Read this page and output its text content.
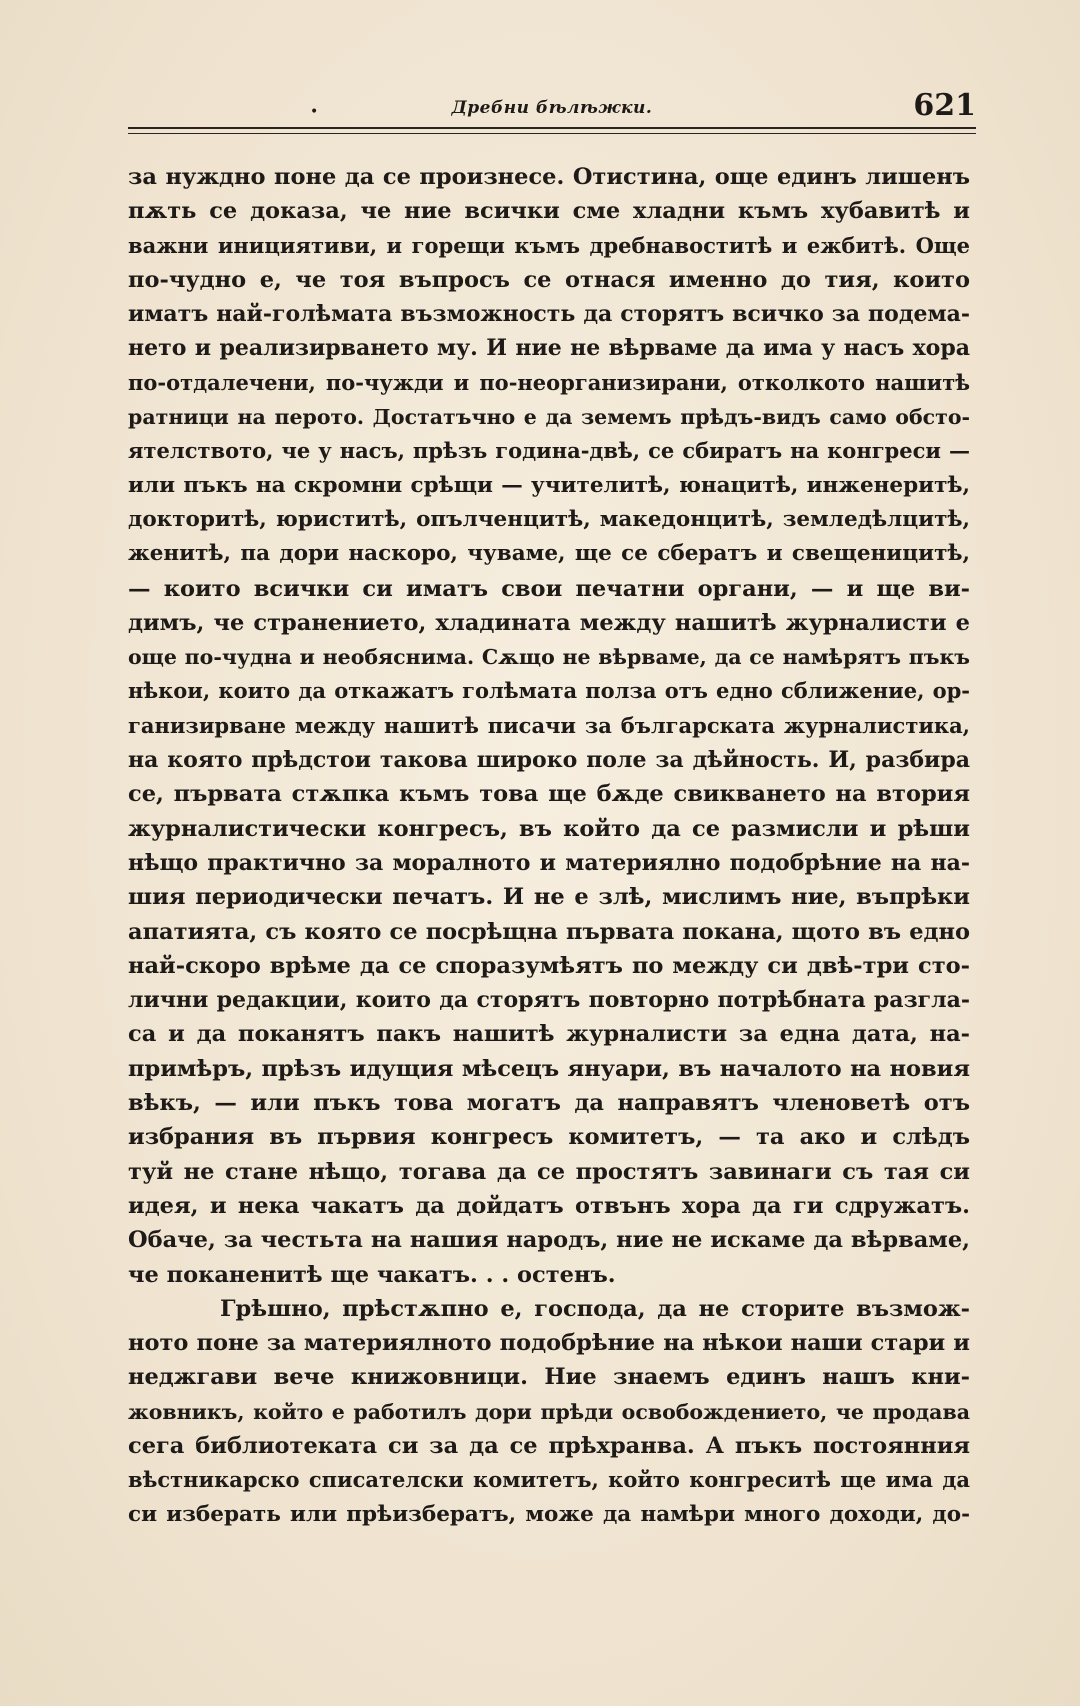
•	Дребни бѣлѣжки.	621
за нуждно поне да се произнесе. Отистина, още единъ лишенъ
пѫть се доказа, че ние всички сме хладни къмъ хубавитѣ и
важни инициятиви, и горещи къмъ дребнавоститѣ и ежбитѣ. Още
по-чудно е, че тоя въпросъ се отнася именно до тия, които
иматъ най-голѣмата възможность да сторятъ всичко за подема-
нето и реализирването му. И ние не вѣрваме да има у насъ хора
по-отдалечени, по-чужди и по-неорганизирани, отколкото нашитѣ
ратници на перото. Достатъчно е да земемъ прѣдъ-видъ само обсто-
ятелството, че у насъ, прѣзъ година-двѣ, се сбиратъ на конгреси —
или пъкъ на скромни срѣщи — учителитѣ, юнацитѣ, инженеритѣ,
докторитѣ, юриститѣ, опълченцитѣ, македонцитѣ, земледѣлцитѣ,
женитѣ, па дори наскоро, чуваме, ще се сбератъ и свещеницитѣ,
— които всички си иматъ свои печатни органи, — и ще ви-
димъ, че странението, хладината между нашитѣ журналисти е
още по-чудна и необяснима. Сѫщо не вѣрваме, да се намѣрятъ пъкъ
нѣкои, които да откажатъ голѣмата полза отъ едно сближение, ор-
ганизирване между нашитѣ писачи за българската журналистика,
на която прѣдстои такова широко поле за дѣйность. И, разбира
се, първата стѫпка къмъ това ще бѫде свикването на втория
журналистически конгресъ, въ който да се размисли и рѣши
нѣщо практично за моралното и материялно подобрѣние на на-
шия периодически печатъ. И не е злѣ, мислимъ ние, въпрѣки
апатията, съ която се посрѣщна първата покана, щото въ едно
най-скоро врѣме да се споразумѣятъ по между си двѣ-три сто-
лични редакции, които да сторятъ повторно потрѣбната разгла-
са и да поканятъ пакъ нашитѣ журналисти за една дата, на-
примѣръ, прѣзъ идущия мѣсецъ януари, въ началото на новия
вѣкъ, — или пъкъ това могатъ да направятъ членоветѣ отъ
избрания въ първия конгресъ комитетъ, — та ако и слѣдъ
туй не стане нѣщо, тогава да се простятъ завинаги съ тая си
идея, и нека чакатъ да дойдатъ отвънъ хора да ги сдружатъ.
Обаче, за честьта на нашия народъ, ние не искаме да вѣрваме,
че поканенитѣ ще чакатъ. . . остенъ.
Грѣшно, прѣстѫпно е, господа, да не сторите възмож-
ното поне за материялното подобрѣние на нѣкои наши стари и
неджгави вече книжовници. Ние знаемъ единъ нашъ кни-
жовникъ, който е работилъ дори прѣди освобождението, че продава
сега библиотеката си за да се прѣхранва. А пъкъ постоянния
вѣстникарско списателски комитетъ, който конгреситѣ ще има да
си изберать или прѣизбератъ, може да намѣри много доходи, до-
